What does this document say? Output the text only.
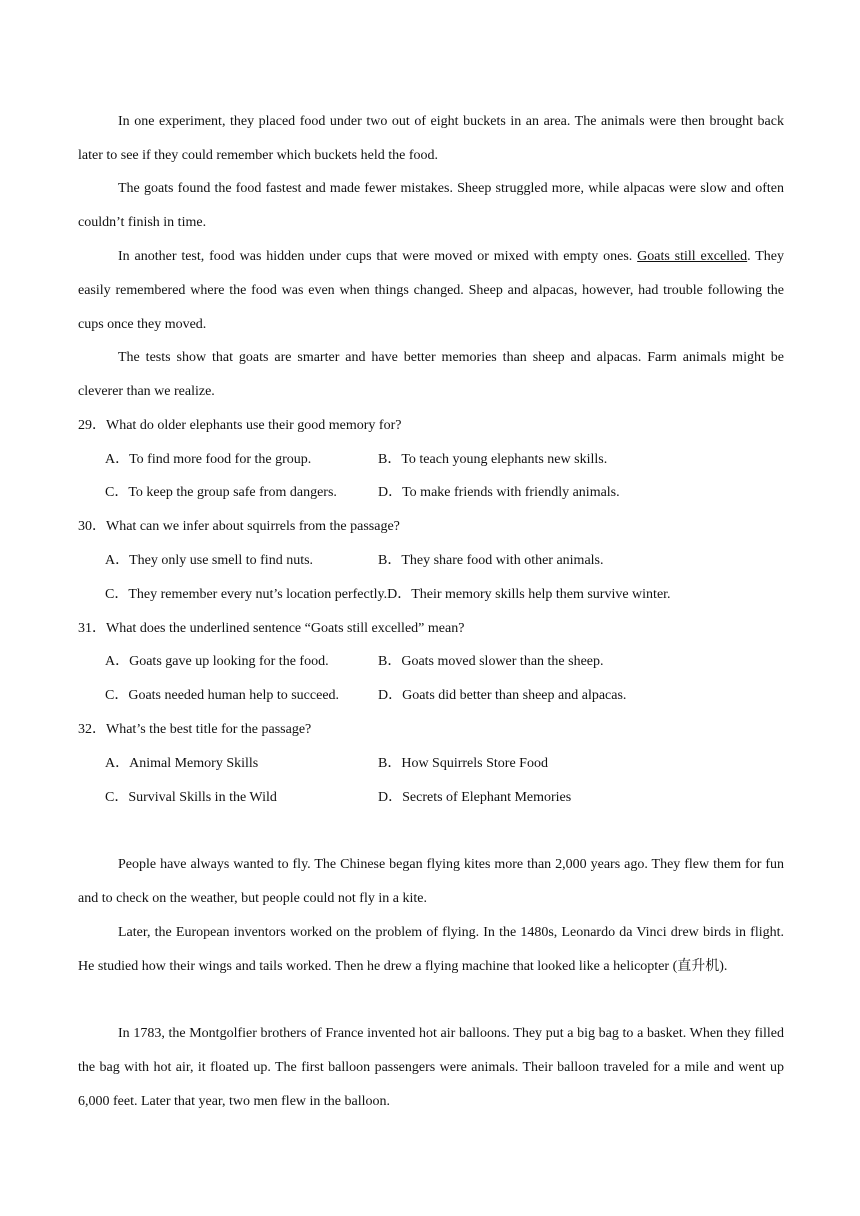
In one experiment, they placed food under two out of eight buckets in an area. The animals were then brought back later to see if they could remember which buckets held the food.

The goats found the food fastest and made fewer mistakes. Sheep struggled more, while alpacas were slow and often couldn’t finish in time.

In another test, food was hidden under cups that were moved or mixed with empty ones. Goats still excelled. They easily remembered where the food was even when things changed. Sheep and alpacas, however, had trouble following the cups once they moved.

The tests show that goats are smarter and have better memories than sheep and alpacas. Farm animals might be cleverer than we realize.

29．What do older elephants use their good memory for?

A．To find more food for the group.	B．To teach young elephants new skills.

C．To keep the group safe from dangers.	D．To make friends with friendly animals.

30．What can we infer about squirrels from the passage?

A．They only use smell to find nuts.	B．They share food with other animals.

C．They remember every nut’s location perfectly.D．Their memory skills help them survive winter.

31．What does the underlined sentence “Goats still excelled” mean?

A．Goats gave up looking for the food.	B．Goats moved slower than the sheep.

C．Goats needed human help to succeed.	D．Goats did better than sheep and alpacas.

32．What’s the best title for the passage?

A．Animal Memory Skills	B．How Squirrels Store Food

C．Survival Skills in the Wild	D．Secrets of Elephant Memories

People have always wanted to fly. The Chinese began flying kites more than 2,000 years ago. They flew them for fun and to check on the weather, but people could not fly in a kite.

Later, the European inventors worked on the problem of flying. In the 1480s, Leonardo da Vinci drew birds in flight. He studied how their wings and tails worked. Then he drew a flying machine that looked like a helicopter (直升机).

In 1783, the Montgolfier brothers of France invented hot air balloons. They put a big bag to a basket. When they filled the bag with hot air, it floated up. The first balloon passengers were animals. Their balloon traveled for a mile and went up 6,000 feet. Later that year, two men flew in the balloon.
